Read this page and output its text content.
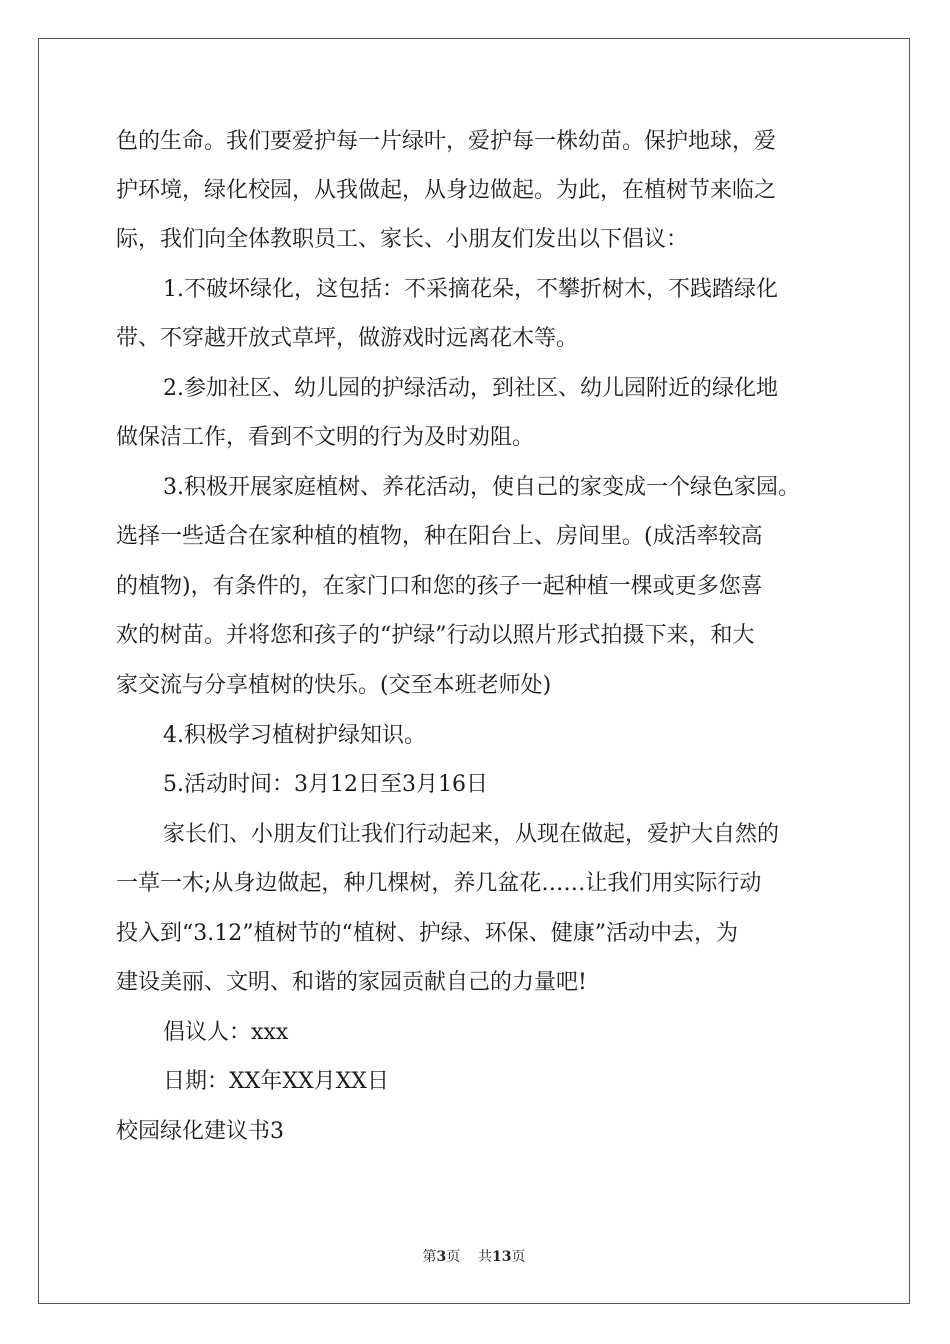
色的生命。我们要爱护每一片绿叶，爱护每一株幼苗。保护地球，爱
护环境，绿化校园，从我做起，从身边做起。为此，在植树节来临之
际，我们向全体教职员工、家长、小朋友们发出以下倡议：
1.不破坏绿化，这包括：不采摘花朵，不攀折树木，不践踏绿化
带、不穿越开放式草坪，做游戏时远离花木等。
2.参加社区、幼儿园的护绿活动，到社区、幼儿园附近的绿化地
做保洁工作，看到不文明的行为及时劝阻。
3.积极开展家庭植树、养花活动，使自己的家变成一个绿色家园。
选择一些适合在家种植的植物，种在阳台上、房间里。(成活率较高
的植物)，有条件的，在家门口和您的孩子一起种植一棵或更多您喜
欢的树苗。并将您和孩子的“护绿”行动以照片形式拍摄下来，和大
家交流与分享植树的快乐。(交至本班老师处)
4.积极学习植树护绿知识。
5.活动时间：3月12日至3月16日
家长们、小朋友们让我们行动起来，从现在做起，爱护大自然的
一草一木;从身边做起，种几棵树，养几盆花……让我们用实际行动
投入到“3.12”植树节的“植树、护绿、环保、健康”活动中去，为
建设美丽、文明、和谐的家园贡献自己的力量吧!
倡议人：xxx
日期：XX年XX月XX日
校园绿化建议书3
第3页 共13页
